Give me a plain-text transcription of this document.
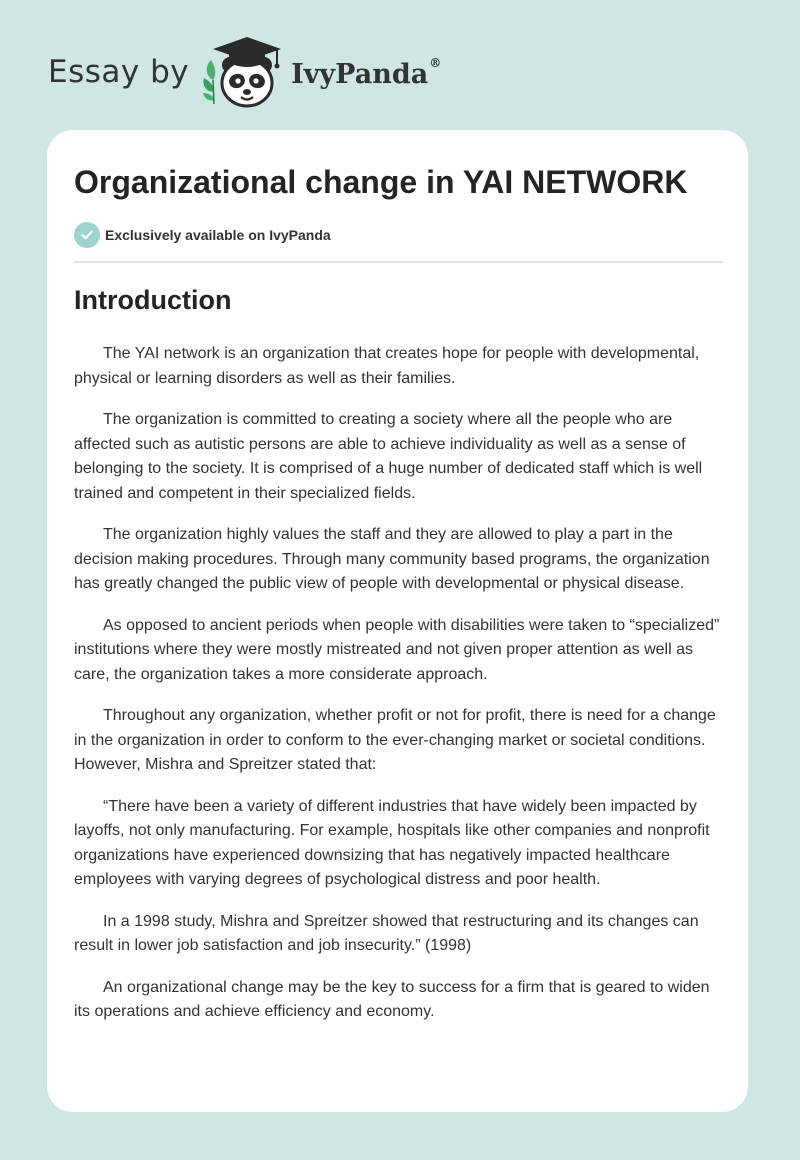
Essay by	IvyPanda®
Organizational change in YAI NETWORK
Exclusively available on IvyPanda
Introduction

The YAI network is an organization that creates hope for people with developmental, physical or learning disorders as well as their families.

The organization is committed to creating a society where all the people who are affected such as autistic persons are able to achieve individuality as well as a sense of belonging to the society. It is comprised of a huge number of dedicated staff which is well trained and competent in their specialized fields.

The organization highly values the staff and they are allowed to play a part in the decision making procedures. Through many community based programs, the organization has greatly changed the public view of people with developmental or physical disease.

As opposed to ancient periods when people with disabilities were taken to “specialized” institutions where they were mostly mistreated and not given proper attention as well as care, the organization takes a more considerate approach.

Throughout any organization, whether profit or not for profit, there is need for a change in the organization in order to conform to the ever-changing market or societal conditions. However, Mishra and Spreitzer stated that:

“There have been a variety of different industries that have widely been impacted by layoffs, not only manufacturing. For example, hospitals like other companies and nonprofit organizations have experienced downsizing that has negatively impacted healthcare employees with varying degrees of psychological distress and poor health.

In a 1998 study, Mishra and Spreitzer showed that restructuring and its changes can result in lower job satisfaction and job insecurity.” (1998)

An organizational change may be the key to success for a firm that is geared to widen its operations and achieve efficiency and economy.
